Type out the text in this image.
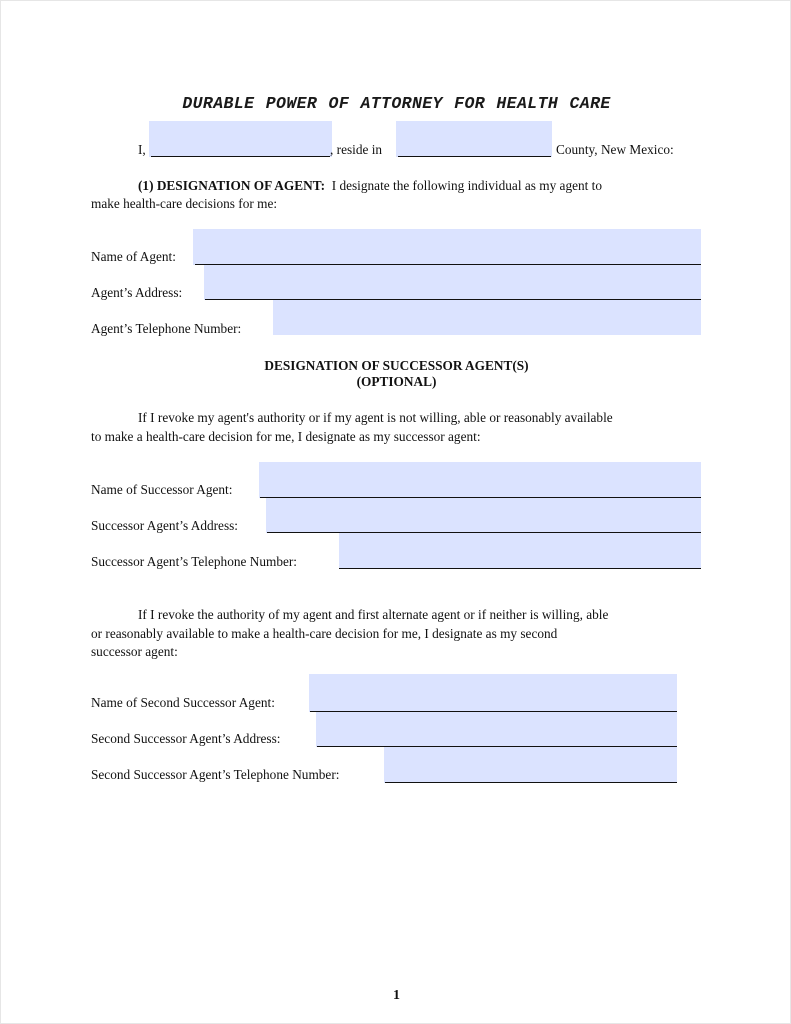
DURABLE POWER OF ATTORNEY FOR HEALTH CARE
I,	, reside in	County, New Mexico:
(1) DESIGNATION OF AGENT: I designate the following individual as my agent to
make health-care decisions for me:
Name of Agent:
Agent’s Address:
Agent’s Telephone Number:
DESIGNATION OF SUCCESSOR AGENT(S)
(OPTIONAL)
If I revoke my agent's authority or if my agent is not willing, able or reasonably available
to make a health-care decision for me, I designate as my successor agent:
Name of Successor Agent:
Successor Agent’s Address:
Successor Agent’s Telephone Number:
If I revoke the authority of my agent and first alternate agent or if neither is willing, able
or reasonably available to make a health-care decision for me, I designate as my second
successor agent:
Name of Second Successor Agent:
Second Successor Agent’s Address:
Second Successor Agent’s Telephone Number:
1
